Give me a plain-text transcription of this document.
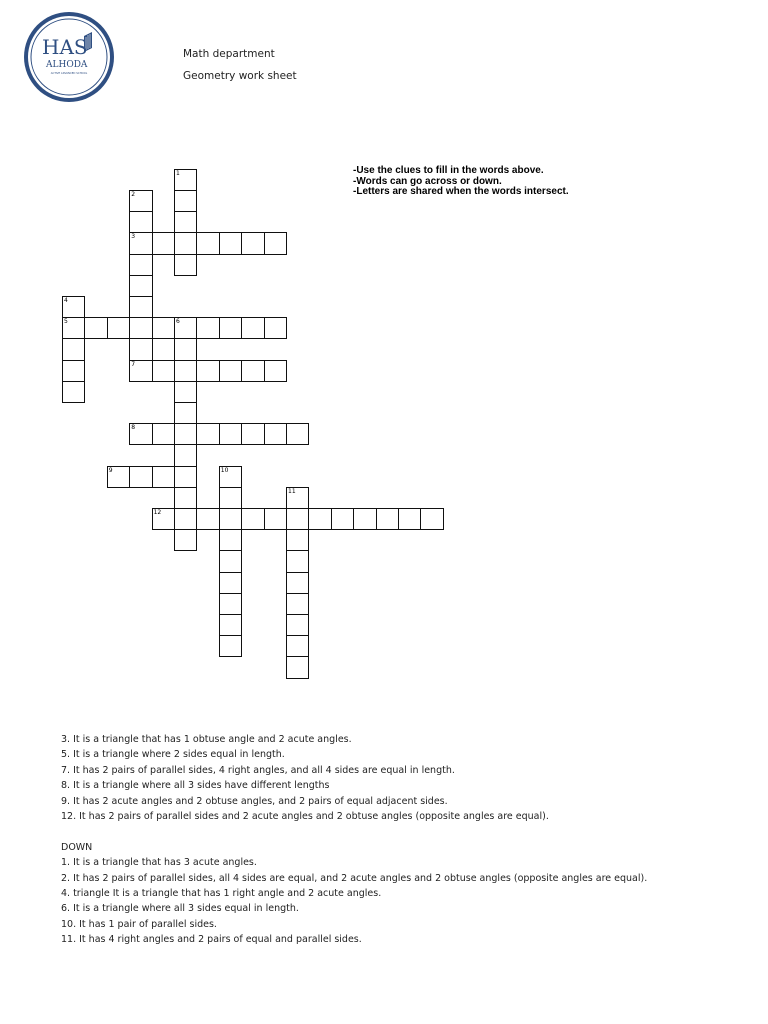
HAS
ALHODA
ACTIVE ADVANCED SCHOOL
Math department
Geometry work sheet
-Use the clues to fill in the words above.
-Words can go across or down.
-Letters are shared when the words intersect.
1
2
3
4
5	6
7
8
9	10
11
12
3. It is a triangle that has 1 obtuse angle and 2 acute angles.
5. It is a triangle where 2 sides equal in length.
7. It has 2 pairs of parallel sides, 4 right angles, and all 4 sides are equal in length.
8. It is a triangle where all 3 sides have different lengths
9. It has 2 acute angles and 2 obtuse angles, and 2 pairs of equal adjacent sides.
12. It has 2 pairs of parallel sides and 2 acute angles and 2 obtuse angles (opposite angles are equal).
DOWN
1. It is a triangle that has 3 acute angles.
2. It has 2 pairs of parallel sides, all 4 sides are equal, and 2 acute angles and 2 obtuse angles (opposite angles are equal).
4. triangle It is a triangle that has 1 right angle and 2 acute angles.
6. It is a triangle where all 3 sides equal in length.
10. It has 1 pair of parallel sides.
11. It has 4 right angles and 2 pairs of equal and parallel sides.
